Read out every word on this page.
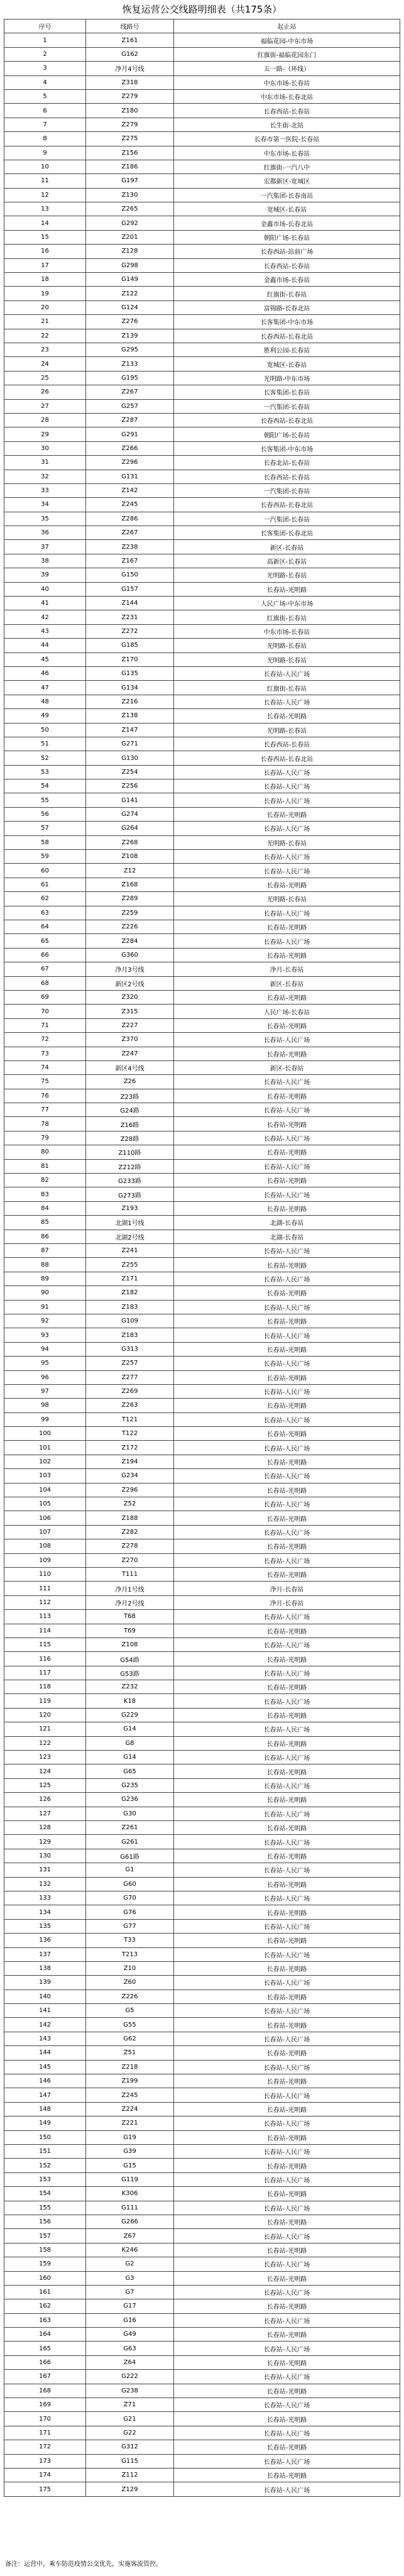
恢复运营公交线路明细表（共175条）
序号	线路号	起止站
1	Z161	福临花园-中东市场
2	G162	红旗街-福临花园东门
3	净月4号线	五一路-（环线）
4	Z318	中东市场-长春站
5	Z279	中东市场-长春北站
6	Z180	长春西站-长春站
7	Z279	长生街-北站
8	Z275	长春市第一医院-长春站
9	Z156	中东市场-长春站
10	Z186	红旗街-一汽八中
11	G197	宏都新区-宽城区
12	Z130	一汽集团-长春南站
13	Z265	宽城区-长春站
14	G292	金鑫市场-长春北站
15	Z201	朝阳广场-长春站
16	Z128	长春西站-站前广场
17	G298	长春西站-长春站
18	G149	金鑫市场-长春站
19	Z122	红旗街-长春站
20	G124	富锦路-长春北站
21	Z276	长客集团-中东市场
22	Z139	长春西站-长春北站
23	G295	胜利公园-长春站
24	Z133	宽城区-长春站
25	G195	光明路-中东市场
26	Z267	长客集团-长春站
27	G257	一汽集团-长春站
28	Z287	长春西站-长春北站
29	G291	朝阳广场-长春站
30	Z266	长客集团-中东市场
31	Z296	长春北站-长春站
32	G131	长春西站-长春站
33	Z142	一汽集团-长春站
34	Z245	长春西站-长春北站
35	Z286	一汽集团-长春站
36	Z267	长客集团-长春北站
37	Z238	新区-长春站
38	Z167	高新区-长春站
39	G150	光明路-长春站
40	G157	长春站-光明路
41	Z144	人民广场-中东市场
42	Z231	红旗街-长春站
43	Z272	中东市场-长春站
44	G185	光明路-长春站
45	Z170	光明路-长春站
46	G135	长春站-人民广场
47	G134	红旗街-长春站
48	Z216	长春站-人民广场
49	Z138	长春站-光明路
50	Z147	光明路-长春站
51	G271	长春西站-长春站
52	G130	长春西站-长春北站
53	Z254	长春站-人民广场
54	Z256	长春站-人民广场
55	G141	长春站-人民广场
56	G274	长春站-光明路
57	G264	长春站-人民广场
58	Z268	光明路-长春站
59	Z108	长春站-人民广场
60	Z12	长春站-人民广场
61	Z168	长春站-光明路
62	Z289	光明路-长春站
63	Z259	长春站-人民广场
64	Z226	长春站-光明路
65	Z284	长春站-人民广场
66	G360	长春站-光明路
67	净月3号线	净月-长春站
68	新区2号线	新区-长春站
69	Z320	长春站-光明路
70	Z315	人民广场-长春站
71	Z227	长春站-光明路
72	Z370	长春站-人民广场
73	Z247	长春站-光明路
74	新区4号线	新区-长春站
75	Z26	长春站-人民广场
76	Z23路	长春站-光明路
77	G24路	长春站-人民广场
78	Z16路	长春站-光明路
79	Z28路	长春站-人民广场
80	Z110路	长春站-光明路
81	Z212路	长春站-人民广场
82	G233路	长春站-光明路
83	G273路	长春站-人民广场
84	Z193	长春站-光明路
85	北湖1号线	北湖-长春站
86	北湖2号线	北湖-长春站
87	Z241	长春站-人民广场
88	Z255	长春站-光明路
89	Z171	长春站-人民广场
90	Z182	长春站-光明路
91	Z183	长春站-人民广场
92	G109	长春站-光明路
93	Z183	长春站-人民广场
94	G313	长春站-光明路
95	Z257	长春站-人民广场
96	Z277	长春站-光明路
97	Z269	长春站-人民广场
98	Z263	长春站-光明路
99	T121	长春站-人民广场
100	T122	长春站-光明路
101	Z172	长春站-人民广场
102	Z194	长春站-光明路
103	G234	长春站-人民广场
104	Z296	长春站-光明路
105	Z52	长春站-人民广场
106	Z188	长春站-光明路
107	Z282	长春站-人民广场
108	Z278	长春站-光明路
109	Z270	长春站-人民广场
110	T111	长春站-光明路
111	净月1号线	净月-长春站
112	净月2号线	净月-长春站
113	T68	长春站-人民广场
114	T69	长春站-光明路
115	Z108	长春站-人民广场
116	G54路	长春站-光明路
117	G53路	长春站-人民广场
118	Z232	长春站-光明路
119	K18	长春站-人民广场
120	G229	长春站-光明路
121	G14	长春站-人民广场
122	G8	长春站-光明路
123	G14	长春站-人民广场
124	G65	长春站-光明路
125	G235	长春站-人民广场
126	G236	长春站-光明路
127	G30	长春站-人民广场
128	Z261	长春站-光明路
129	G261	长春站-人民广场
130	G61路	长春站-光明路
131	G1	长春站-人民广场
132	G60	长春站-光明路
133	G70	长春站-人民广场
134	G76	长春站-光明路
135	G77	长春站-人民广场
136	T33	长春站-光明路
137	T213	长春站-人民广场
138	Z10	长春站-光明路
139	Z60	长春站-人民广场
140	Z226	长春站-光明路
141	G5	长春站-人民广场
142	G55	长春站-光明路
143	G62	长春站-人民广场
144	Z51	长春站-光明路
145	Z218	长春站-人民广场
146	Z199	长春站-光明路
147	Z245	长春站-人民广场
148	Z224	长春站-光明路
149	Z221	长春站-人民广场
150	G19	长春站-光明路
151	G39	长春站-人民广场
152	G15	长春站-光明路
153	G119	长春站-人民广场
154	K306	长春站-光明路
155	G111	长春站-人民广场
156	G266	长春站-光明路
157	Z67	长春站-人民广场
158	K246	长春站-光明路
159	G2	长春站-人民广场
160	G3	长春站-光明路
161	G7	长春站-人民广场
162	G17	长春站-光明路
163	G16	长春站-人民广场
164	G49	长春站-光明路
165	G63	长春站-人民广场
166	Z64	长春站-光明路
167	G222	长春站-人民广场
168	G238	长春站-光明路
169	Z71	长春站-人民广场
170	G21	长春站-光明路
171	G22	长春站-人民广场
172	G312	长春站-光明路
173	G115	长春站-人民广场
174	Z112	长春站-光明路
175	Z129	长春站-人民广场
备注：运营中，乘车防范疫情公交优先，实施客流管控。
